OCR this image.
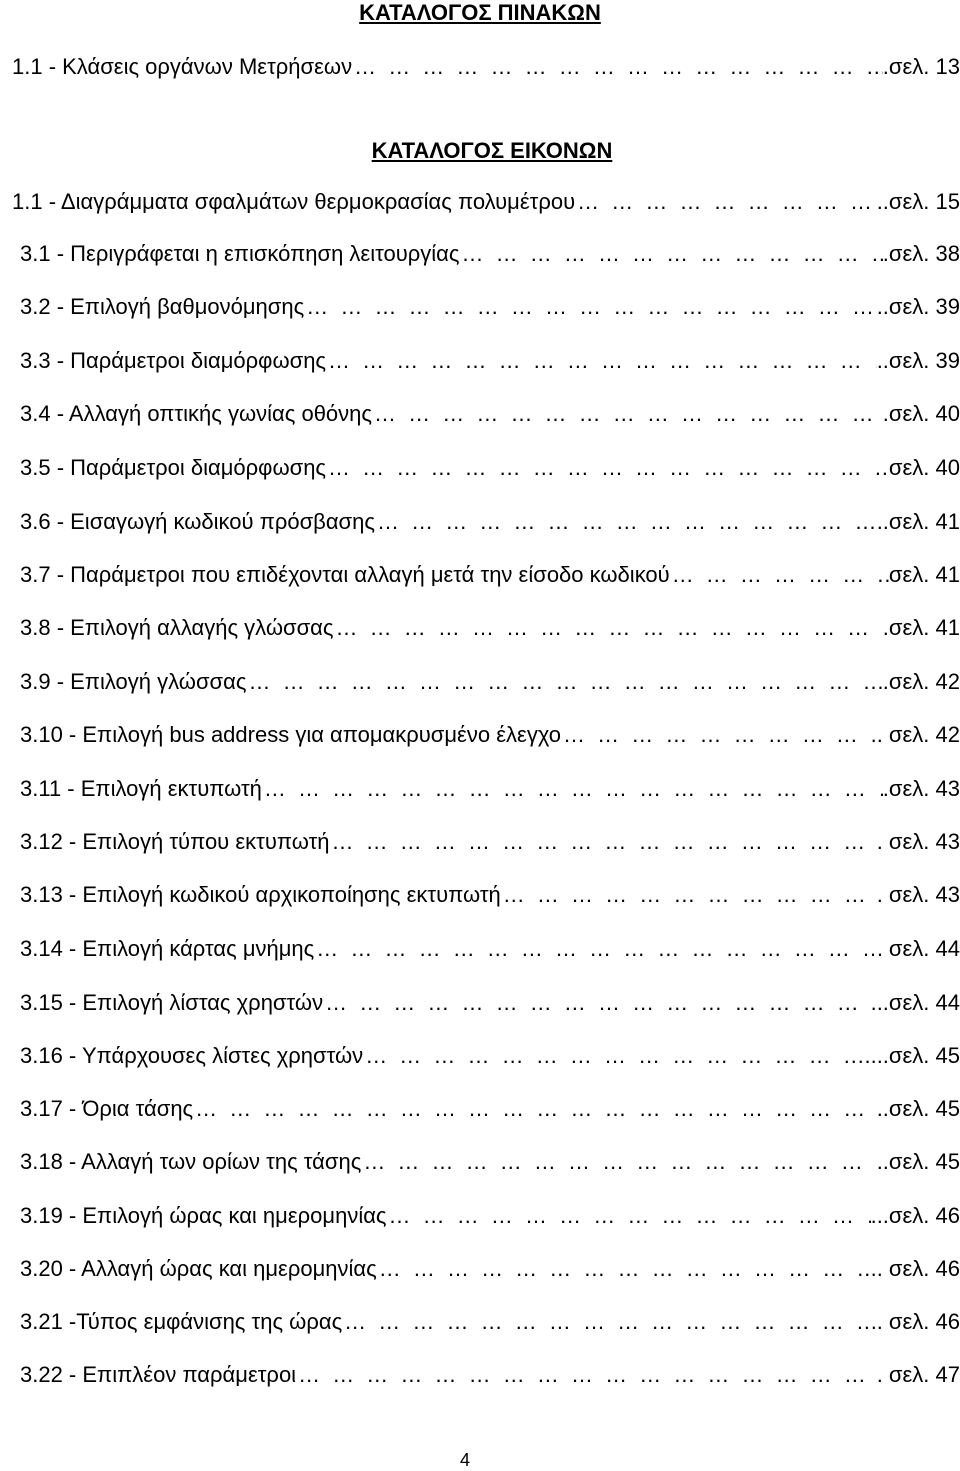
ΚΑΤΑΛΟΓΟΣ ΠΙΝΑΚΩΝ
1.1 - Κλάσεις οργάνων Μετρήσεων … … … … … … … … … … … … … … … … … … … … … … … … … … … … … … … … … … … … … … … … … … … … … … … … … …	.σελ. 13
ΚΑΤΑΛΟΓΟΣ ΕΙΚΟΝΩΝ
1.1 - Διαγράμματα σφαλμάτων θερμοκρασίας πολυμέτρου … … … … … … … … … … … … … … … … … … … … … … … … … … … … … … … … … … … … … … … … … … … … … … … … … …	..σελ. 15
3.1 - Περιγράφεται η επισκόπηση λειτουργίας … … … … … … … … … … … … … … … … … … … … … … … … … … … … … … … … … … … … … … … … … … … … … … … … … …	.σελ. 38
3.2 - Επιλογή βαθμονόμησης … … … … … … … … … … … … … … … … … … … … … … … … … … … … … … … … … … … … … … … … … … … … … … … … … …	..σελ. 39
3.3 - Παράμετροι διαμόρφωσης … … … … … … … … … … … … … … … … … … … … … … … … … … … … … … … … … … … … … … … … … … … … … … … … … …	..σελ. 39
3.4 - Αλλαγή οπτικής γωνίας οθόνης … … … … … … … … … … … … … … … … … … … … … … … … … … … … … … … … … … … … … … … … … … … … … … … … … …	.σελ. 40
3.5 - Παράμετροι διαμόρφωσης … … … … … … … … … … … … … … … … … … … … … … … … … … … … … … … … … … … … … … … … … … … … … … … … … …	σελ. 40
3.6 - Εισαγωγή κωδικού πρόσβασης … … … … … … … … … … … … … … … … … … … … … … … … … … … … … … … … … … … … … … … … … … … … … … … … … …	..σελ. 41
3.7 - Παράμετροι που επιδέχονται αλλαγή μετά την είσοδο κωδικού … … … … … … … … … … … … … … … … … … … … … … … … … … … … … … … … … … … … … … … … … … … … … … … … … …	σελ. 41
3.8 - Επιλογή αλλαγής γλώσσας … … … … … … … … … … … … … … … … … … … … … … … … … … … … … … … … … … … … … … … … … … … … … … … … … …	.σελ. 41
3.9 - Επιλογή γλώσσας … … … … … … … … … … … … … … … … … … … … … … … … … … … … … … … … … … … … … … … … … … … … … … … … … …	.σελ. 42
3.10 - Επιλογή bus address για απομακρυσμένο έλεγχο … … … … … … … … … … … … … … … … … … … … … … … … … … … … … … … … … … … … … … … … … … … … … … … … … …	.. σελ. 42
3.11 - Επιλογή εκτυπωτή … … … … … … … … … … … … … … … … … … … … … … … … … … … … … … … … … … … … … … … … … … … … … … … … … …	.σελ. 43
3.12 - Επιλογή τύπου εκτυπωτή … … … … … … … … … … … … … … … … … … … … … … … … … … … … … … … … … … … … … … … … … … … … … … … … … …	. σελ. 43
3.13 - Επιλογή κωδικού αρχικοποίησης εκτυπωτή … … … … … … … … … … … … … … … … … … … … … … … … … … … … … … … … … … … … … … … … … … … … … … … … … …	. σελ. 43
3.14 - Επιλογή κάρτας μνήμης … … … … … … … … … … … … … … … … … … … … … … … … … … … … … … … … … … … … … … … … … … … … … … … … … …	σελ. 44
3.15 - Επιλογή λίστας χρηστών … … … … … … … … … … … … … … … … … … … … … … … … … … … … … … … … … … … … … … … … … … … … … … … … … …	...σελ. 44
3.16 - Υπάρχουσες λίστες χρηστών … … … … … … … … … … … … … … … … … … … … … … … … … … … … … … … … … … … … … … … … … … … … … … … … … …	....σελ. 45
3.17 - Όρια τάσης … … … … … … … … … … … … … … … … … … … … … … … … … … … … … … … … … … … … … … … … … … … … … … … … … …	..σελ. 45
3.18 - Αλλαγή των ορίων της τάσης … … … … … … … … … … … … … … … … … … … … … … … … … … … … … … … … … … … … … … … … … … … … … … … … … …	..σελ. 45
3.19 - Επιλογή ώρας και ημερομηνίας … … … … … … … … … … … … … … … … … … … … … … … … … … … … … … … … … … … … … … … … … … … … … … … … … …	...σελ. 46
3.20 - Αλλαγή ώρας και ημερομηνίας … … … … … … … … … … … … … … … … … … … … … … … … … … … … … … … … … … … … … … … … … … … … … … … … … …	.. σελ. 46
3.21 -Τύπος εμφάνισης της ώρας … … … … … … … … … … … … … … … … … … … … … … … … … … … … … … … … … … … … … … … … … … … … … … … … … …	. σελ. 46
3.22 - Επιπλέον παράμετροι … … … … … … … … … … … … … … … … … … … … … … … … … … … … … … … … … … … … … … … … … … … … … … … … … …	. σελ. 47
4
